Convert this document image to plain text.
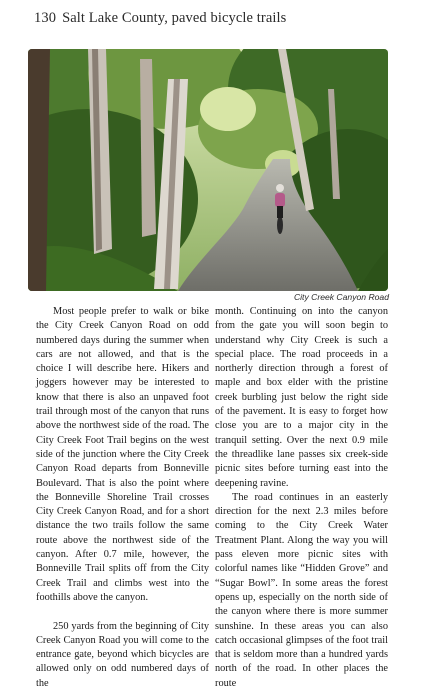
130 Salt Lake County, paved bicycle trails
City Creek Canyon Road

Most people prefer to walk or bike the City Creek Canyon Road on odd numbered days during the summer when cars are not allowed, and that is the choice I will describe here. Hikers and joggers however may be interested to know that there is also an unpaved foot trail through most of the canyon that runs above the northwest side of the road. The City Creek Foot Trail begins on the west side of the junction where the City Creek Canyon Road departs from Bonneville Boulevard. That is also the point where the Bonneville Shoreline Trail crosses City Creek Canyon Road, and for a short distance the two trails follow the same route above the northwest side of the canyon. After 0.7 mile, however, the Bonneville Trail splits off from the City Creek Trail and climbs west into the foothills above the canyon.

250 yards from the beginning of City Creek Canyon Road you will come to the entrance gate, beyond which bicycles are allowed only on odd numbered days of the

month. Continuing on into the canyon from the gate you will soon begin to understand why City Creek is such a special place. The road proceeds in a northerly direction through a forest of maple and box elder with the pristine creek burbling just below the right side of the pavement. It is easy to forget how close you are to a major city in the tranquil setting. Over the next 0.9 mile the threadlike lane passes six creek-side picnic sites before turning east into the deepening ravine.

The road continues in an easterly direction for the next 2.3 miles before coming to the City Creek Water Treatment Plant. Along the way you will pass eleven more picnic sites with colorful names like “Hidden Grove” and “Sugar Bowl”. In some areas the forest opens up, especially on the north side of the canyon where there is more summer sunshine. In these areas you can also catch occasional glimpses of the foot trail that is seldom more than a hundred yards north of the road. In other places the route
